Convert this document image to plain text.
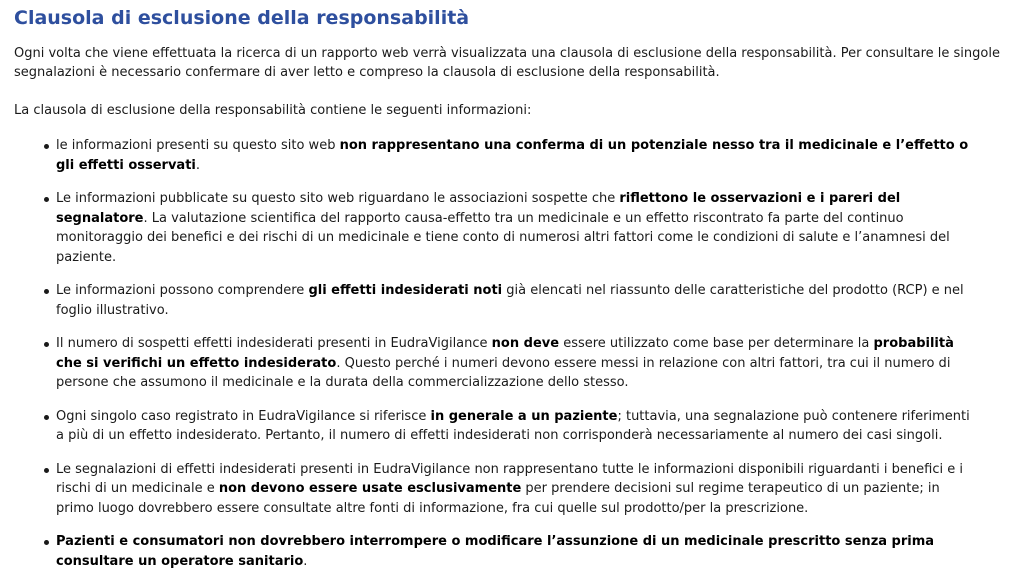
Clausola di esclusione della responsabilità

Ogni volta che viene effettuata la ricerca di un rapporto web verrà visualizzata una clausola di esclusione della responsabilità. Per consultare le singole segnalazioni è necessario confermare di aver letto e compreso la clausola di esclusione della responsabilità.

La clausola di esclusione della responsabilità contiene le seguenti informazioni:

le informazioni presenti su questo sito web non rappresentano una conferma di un potenziale nesso tra il medicinale e l’effetto o gli effetti osservati.
Le informazioni pubblicate su questo sito web riguardano le associazioni sospette che riflettono le osservazioni e i pareri del segnalatore. La valutazione scientifica del rapporto causa-effetto tra un medicinale e un effetto riscontrato fa parte del continuo monitoraggio dei benefici e dei rischi di un medicinale e tiene conto di numerosi altri fattori come le condizioni di salute e l’anamnesi del paziente.
Le informazioni possono comprendere gli effetti indesiderati noti già elencati nel riassunto delle caratteristiche del prodotto (RCP) e nel foglio illustrativo.
Il numero di sospetti effetti indesiderati presenti in EudraVigilance non deve essere utilizzato come base per determinare la probabilità che si verifichi un effetto indesiderato. Questo perché i numeri devono essere messi in relazione con altri fattori, tra cui il numero di persone che assumono il medicinale e la durata della commercializzazione dello stesso.
Ogni singolo caso registrato in EudraVigilance si riferisce in generale a un paziente; tuttavia, una segnalazione può contenere riferimenti a più di un effetto indesiderato. Pertanto, il numero di effetti indesiderati non corrisponderà necessariamente al numero dei casi singoli.
Le segnalazioni di effetti indesiderati presenti in EudraVigilance non rappresentano tutte le informazioni disponibili riguardanti i benefici e i rischi di un medicinale e non devono essere usate esclusivamente per prendere decisioni sul regime terapeutico di un paziente; in primo luogo dovrebbero essere consultate altre fonti di informazione, fra cui quelle sul prodotto/per la prescrizione.
Pazienti e consumatori non dovrebbero interrompere o modificare l’assunzione di un medicinale prescritto senza prima consultare un operatore sanitario.
